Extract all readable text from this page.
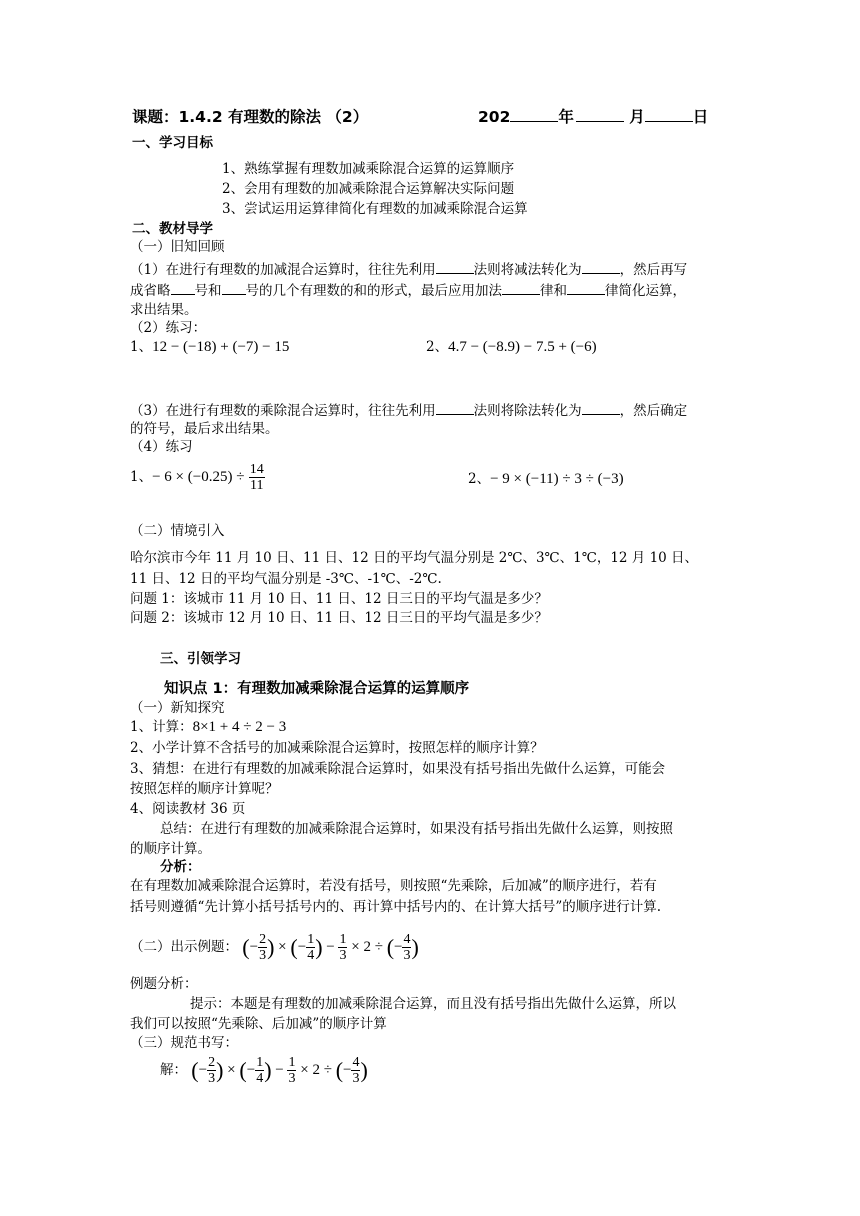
课题：1.4.2 有理数的除法 （2）	202	年	月	日
一、学习目标
1、熟练掌握有理数加减乘除混合运算的运算顺序
2、会用有理数的加减乘除混合运算解决实际问题
3、尝试运用运算律简化有理数的加减乘除混合运算
二、教材导学
（一）旧知回顾
（1）在进行有理数的加减混合运算时，往往先利用	法则将减法转化为	，然后再写
成省略 号和 号的几个有理数的和的形式，最后应用加法	律和	律简化运算，
求出结果。
（2）练习：
1、12 − (−18) + (−7) − 15	2、4.7 − (−8.9) − 7.5 + (−6)
（3）在进行有理数的乘除混合运算时，往往先利用	法则将除法转化为	，然后确定
的符号，最后求出结果。
（4）练习
1、− $6 \times (-0.25) \div \frac{14}{11}$	2、− 9 × (−11) ÷ 3 ÷ (−3)
（二）情境引入
哈尔滨市今年 11 月 10 日、11 日、12 日的平均气温分别是 2℃、3℃、1℃，12 月 10 日、
11 日、12 日的平均气温分别是 -3℃、-1℃、-2℃.
问题 1：该城市 11 月 10 日、11 日、12 日三日的平均气温是多少？
问题 2：该城市 12 月 10 日、11 日、12 日三日的平均气温是多少？
三、引领学习
知识点 1：有理数加减乘除混合运算的运算顺序
（一）新知探究
1、计算：8×1 + 4 ÷ 2 − 3
2、小学计算不含括号的加减乘除混合运算时，按照怎样的顺序计算？
3、猜想：在进行有理数的加减乘除混合运算时，如果没有括号指出先做什么运算，可能会
按照怎样的顺序计算呢？
4、阅读教材 36 页
总结：在进行有理数的加减乘除混合运算时，如果没有括号指出先做什么运算，则按照
的顺序计算。
分析：
在有理数加减乘除混合运算时，若没有括号，则按照“先乘除，后加减”的顺序进行，若有
括号则遵循“先计算小括号括号内的、再计算中括号内的、在计算大括号”的顺序进行计算.
（二）出示例题： (− $\frac{2}{3}$ ) × (− $\frac{1}{4}$ ) − $\frac{1}{3} \times 2$ ÷ (− $\frac{4}{3}$ )
例题分析：
提示：本题是有理数的加减乘除混合运算，而且没有括号指出先做什么运算，所以
我们可以按照“先乘除、后加减”的顺序计算
（三）规范书写：
解： (− $\frac{2}{3}$ ) × (− $\frac{1}{4}$ ) − $\frac{1}{3} \times 2$ ÷ (− $\frac{4}{3}$ )
